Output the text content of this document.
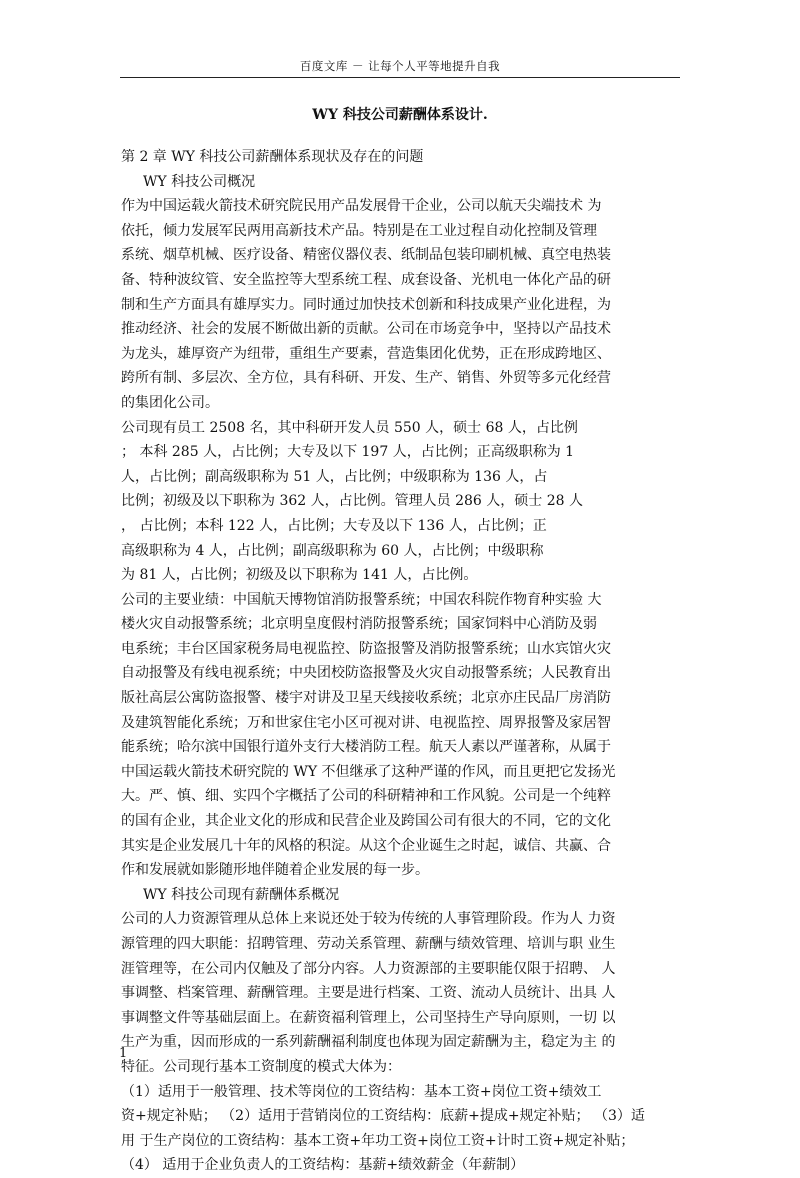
百度文库 － 让每个人平等地提升自我
WY 科技公司薪酬体系设计.
第 2 章 WY 科技公司薪酬体系现状及存在的问题
WY 科技公司概况
作为中国运载火箭技术研究院民用产品发展骨干企业，公司以航天尖端技术 为
依托，倾力发展军民两用高新技术产品。特别是在工业过程自动化控制及管理
系统、烟草机械、医疗设备、精密仪器仪表、纸制品包装印刷机械、真空电热装
备、特种波纹管、安全监控等大型系统工程、成套设备、光机电一体化产品的研
制和生产方面具有雄厚实力。同时通过加快技术创新和科技成果产业化进程，为
推动经济、社会的发展不断做出新的贡献。公司在市场竞争中，坚持以产品技术
为龙头，雄厚资产为纽带，重组生产要素，营造集团化优势，正在形成跨地区、
跨所有制、多层次、全方位，具有科研、开发、生产、销售、外贸等多元化经营
的集团化公司。
公司现有员工 2508 名，其中科研开发人员 550 人，硕士 68 人，占比例
； 本科 285 人，占比例；大专及以下 197 人，占比例；正高级职称为 1
人，占比例；副高级职称为 51 人，占比例；中级职称为 136 人，占
比例；初级及以下职称为 362 人，占比例。管理人员 286 人，硕士 28 人
， 占比例；本科 122 人，占比例；大专及以下 136 人，占比例；正
高级职称为 4 人，占比例；副高级职称为 60 人，占比例；中级职称
为 81 人，占比例；初级及以下职称为 141 人，占比例。
公司的主要业绩：中国航天博物馆消防报警系统；中国农科院作物育种实验 大
楼火灾自动报警系统；北京明皇度假村消防报警系统；国家饲料中心消防及弱
电系统；丰台区国家税务局电视监控、防盗报警及消防报警系统；山水宾馆火灾
自动报警及有线电视系统；中央团校防盗报警及火灾自动报警系统；人民教育出
版社高层公寓防盗报警、楼宇对讲及卫星天线接收系统；北京亦庄民品厂房消防
及建筑智能化系统；万和世家住宅小区可视对讲、电视监控、周界报警及家居智
能系统；哈尔滨中国银行道外支行大楼消防工程。航天人素以严谨著称，从属于
中国运载火箭技术研究院的 WY 不但继承了这种严谨的作风，而且更把它发扬光
大。严、慎、细、实四个字概括了公司的科研精神和工作风貌。公司是一个纯粹
的国有企业，其企业文化的形成和民营企业及跨国公司有很大的不同，它的文化
其实是企业发展几十年的风格的积淀。从这个企业诞生之时起，诚信、共赢、合
作和发展就如影随形地伴随着企业发展的每一步。
WY 科技公司现有薪酬体系概况
公司的人力资源管理从总体上来说还处于较为传统的人事管理阶段。作为人 力资
源管理的四大职能：招聘管理、劳动关系管理、薪酬与绩效管理、培训与职 业生
涯管理等，在公司内仅触及了部分内容。人力资源部的主要职能仅限于招聘、 人
事调整、档案管理、薪酬管理。主要是进行档案、工资、流动人员统计、出具 人
事调整文件等基础层面上。在薪资福利管理上，公司坚持生产导向原则，一切 以
生产为重，因而形成的一系列薪酬福利制度也体现为固定薪酬为主，稳定为主 的
特征。公司现行基本工资制度的模式大体为：
（1）适用于一般管理、技术等岗位的工资结构：基本工资+岗位工资+绩效工
资+规定补贴； （2）适用于营销岗位的工资结构：底薪+提成+规定补贴； （3）适
用 于生产岗位的工资结构：基本工资+年功工资+岗位工资+计时工资+规定补贴；
（4） 适用于企业负责人的工资结构：基薪+绩效薪金（年薪制）
1
